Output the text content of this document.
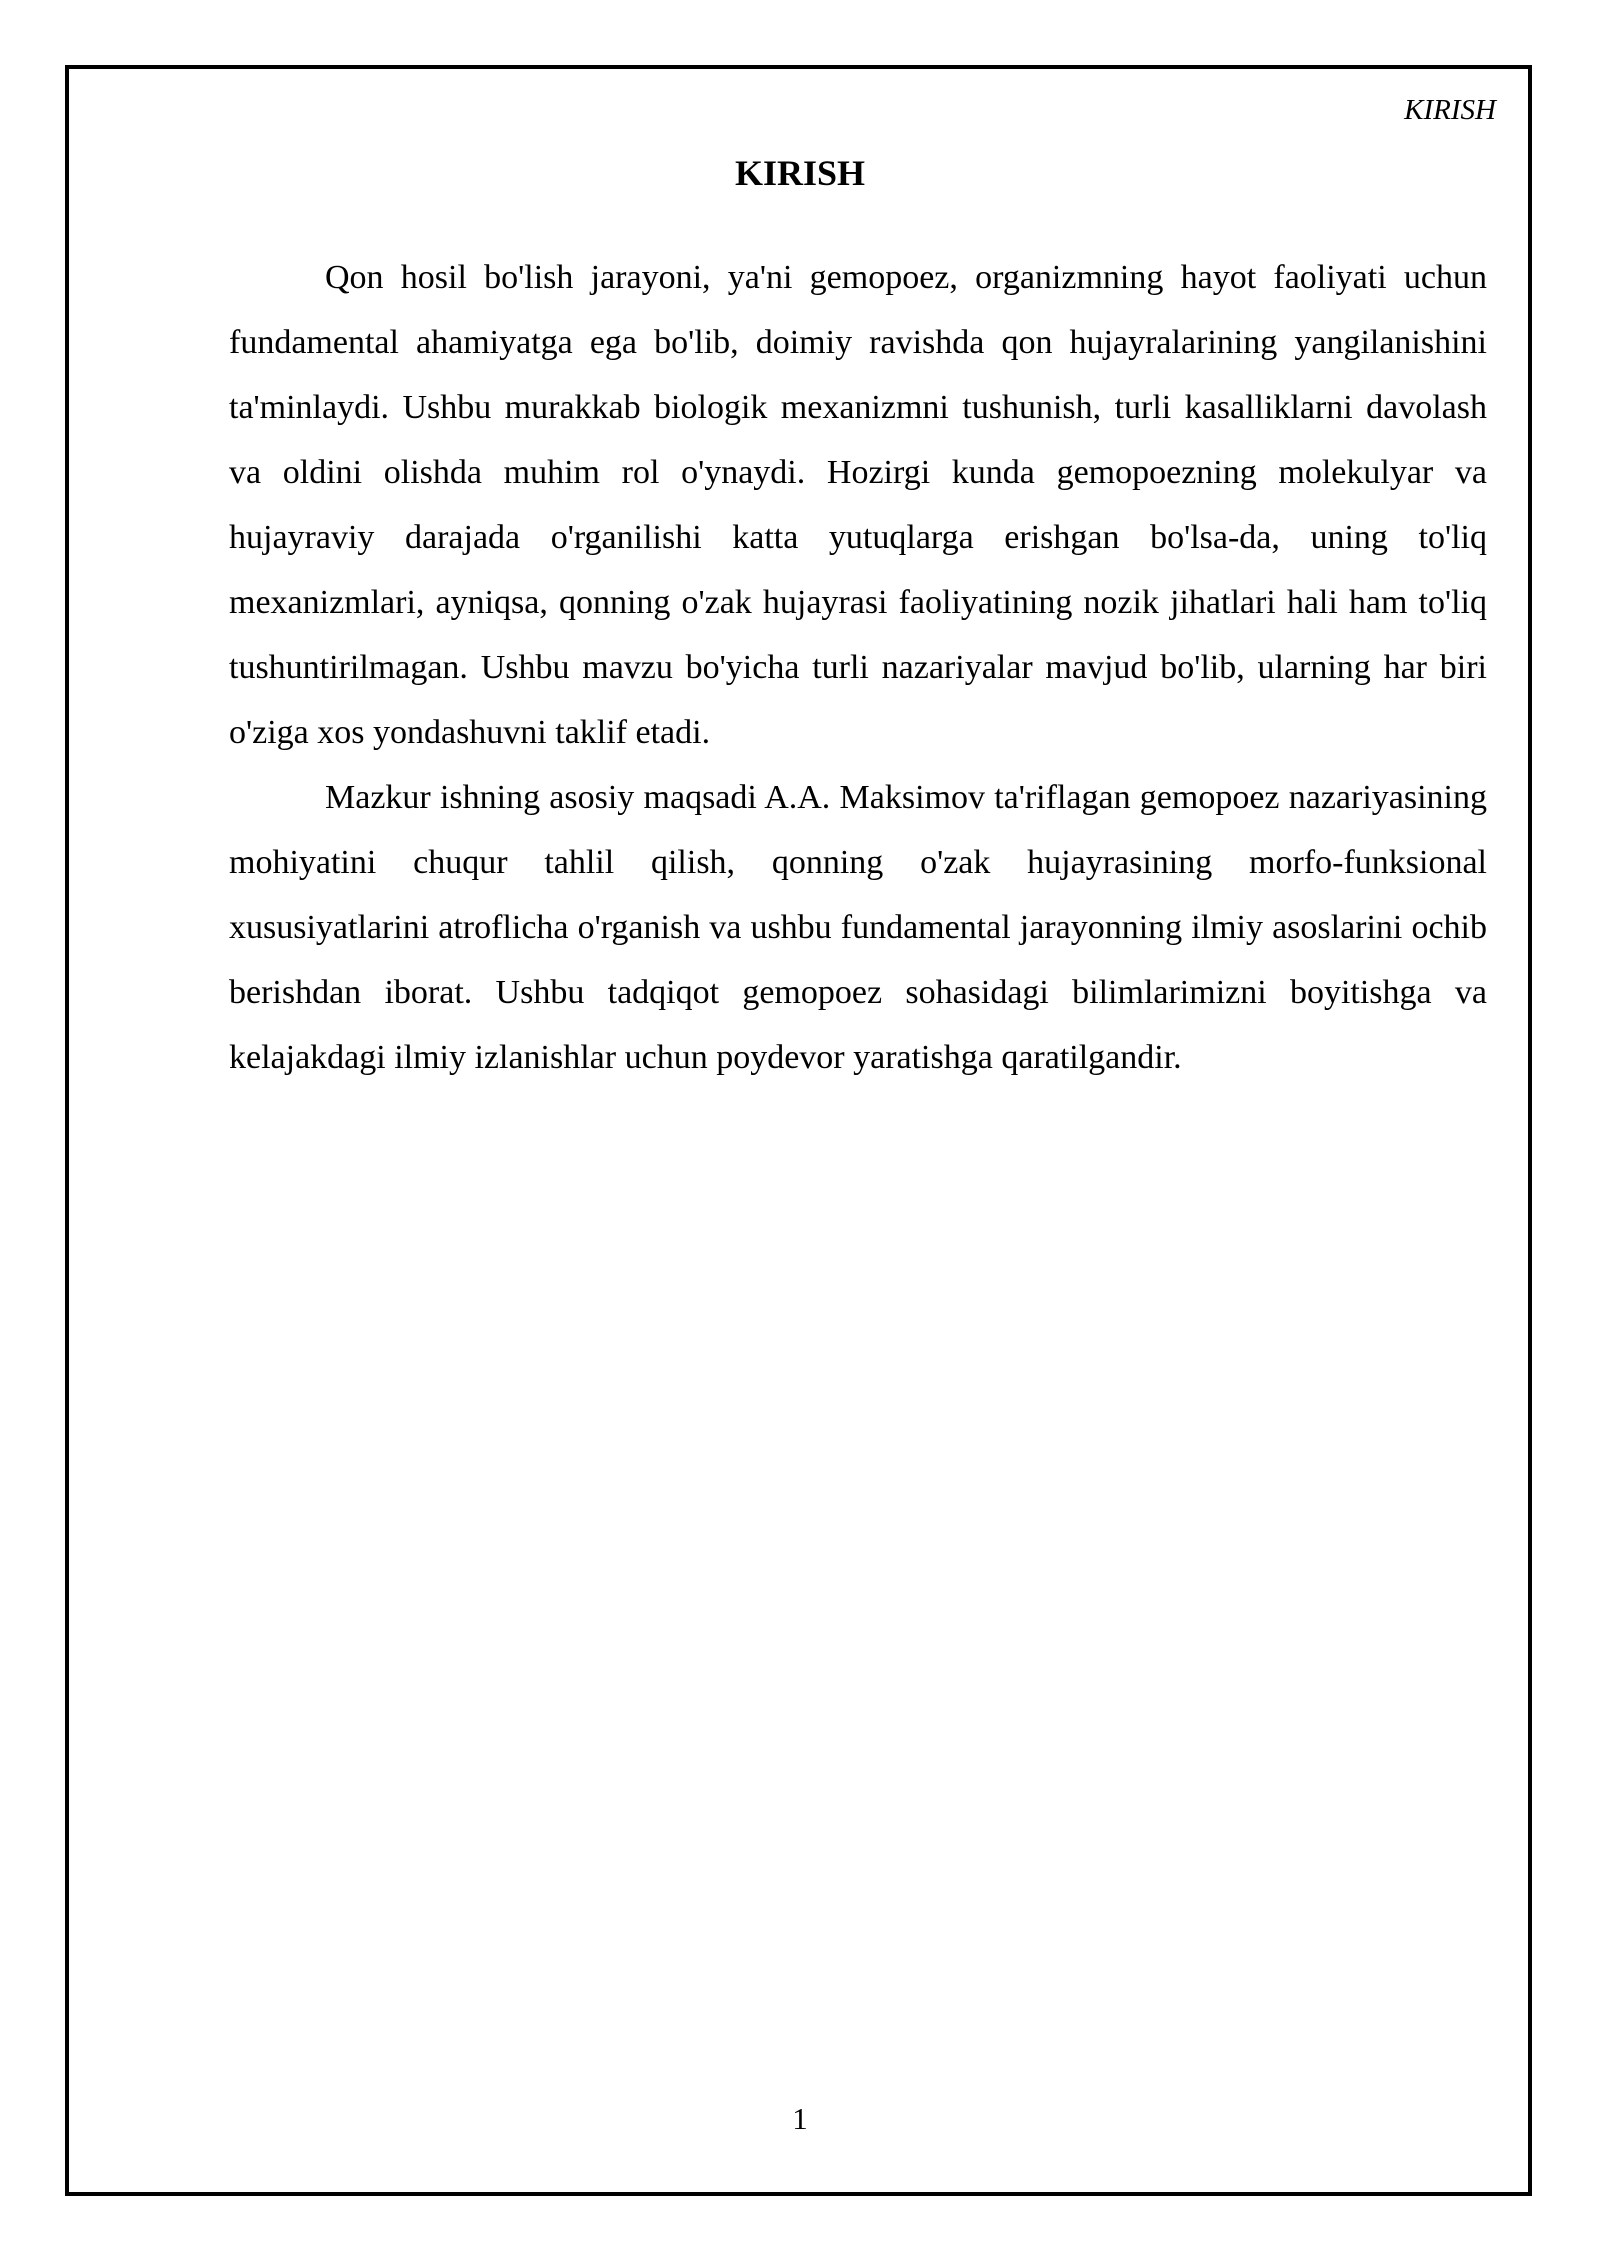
KIRISH
KIRISH

Qon hosil bo'lish jarayoni, ya'ni gemopoez, organizmning hayot faoliyati uchun fundamental ahamiyatga ega bo'lib, doimiy ravishda qon hujayralarining yangilanishini ta'minlaydi. Ushbu murakkab biologik mexanizmni tushunish, turli kasalliklarni davolash va oldini olishda muhim rol o'ynaydi. Hozirgi kunda gemopoezning molekulyar va hujayraviy darajada o'rganilishi katta yutuqlarga erishgan bo'lsa-da, uning to'liq mexanizmlari, ayniqsa, qonning o'zak hujayrasi faoliyatining nozik jihatlari hali ham to'liq tushuntirilmagan. Ushbu mavzu bo'yicha turli nazariyalar mavjud bo'lib, ularning har biri o'ziga xos yondashuvni taklif etadi.

Mazkur ishning asosiy maqsadi A.A. Maksimov ta'riflagan gemopoez nazariyasining mohiyatini chuqur tahlil qilish, qonning o'zak hujayrasining morfo-funksional xususiyatlarini atroflicha o'rganish va ushbu fundamental jarayonning ilmiy asoslarini ochib berishdan iborat. Ushbu tadqiqot gemopoez sohasidagi bilimlarimizni boyitishga va kelajakdagi ilmiy izlanishlar uchun poydevor yaratishga qaratilgandir.

1
